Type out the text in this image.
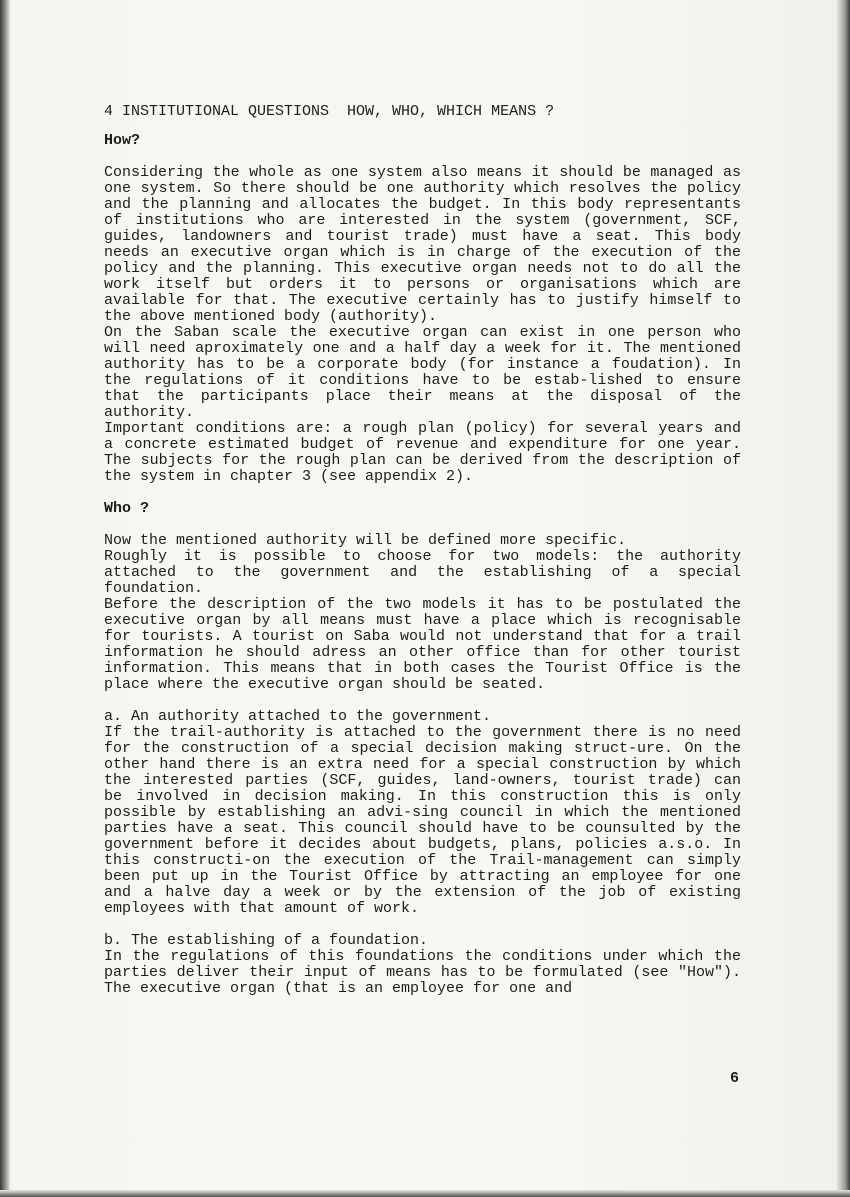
4 INSTITUTIONAL QUESTIONS  HOW, WHO, WHICH MEANS ?
How?

Considering the whole as one system also means it should be managed as one system. So there should be one authority which resolves the policy and the planning and allocates the budget. In this body representants of institutions who are interested in the system (government, SCF, guides, landowners and tourist trade) must have a seat. This body needs an executive organ which is in charge of the execution of the policy and the planning. This executive organ needs not to do all the work itself but orders it to persons or organisations which are available for that. The executive certainly has to justify himself to the above mentioned body (authority).

On the Saban scale the executive organ can exist in one person who will need aproximately one and a half day a week for it. The mentioned authority has to be a corporate body (for instance a foudation). In the regulations of it conditions have to be estab-lished to ensure that the participants place their means at the disposal of the authority.

Important conditions are: a rough plan (policy) for several years and a concrete estimated budget of revenue and expenditure for one year. The subjects for the rough plan can be derived from the description of the system in chapter 3 (see appendix 2).

Who ?

Now the mentioned authority will be defined more specific.

Roughly it is possible to choose for two models: the authority attached to the government and the establishing of a special foundation.

Before the description of the two models it has to be postulated the executive organ by all means must have a place which is recognisable for tourists. A tourist on Saba would not understand that for a trail information he should adress an other office than for other tourist information. This means that in both cases the Tourist Office is the place where the executive organ should be seated.

a. An authority attached to the government.

If the trail-authority is attached to the government there is no need for the construction of a special decision making struct-ure. On the other hand there is an extra need for a special construction by which the interested parties (SCF, guides, land-owners, tourist trade) can be involved in decision making. In this construction this is only possible by establishing an advi-sing council in which the mentioned parties have a seat. This council should have to be counsulted by the government before it decides about budgets, plans, policies a.s.o. In this constructi-on the execution of the Trail-management can simply been put up in the Tourist Office by attracting an employee for one and a halve day a week or by the extension of the job of existing employees with that amount of work.

b. The establishing of a foundation.

In the regulations of this foundations the conditions under which the parties deliver their input of means has to be formulated (see "How"). The executive organ (that is an employee for one and

6
